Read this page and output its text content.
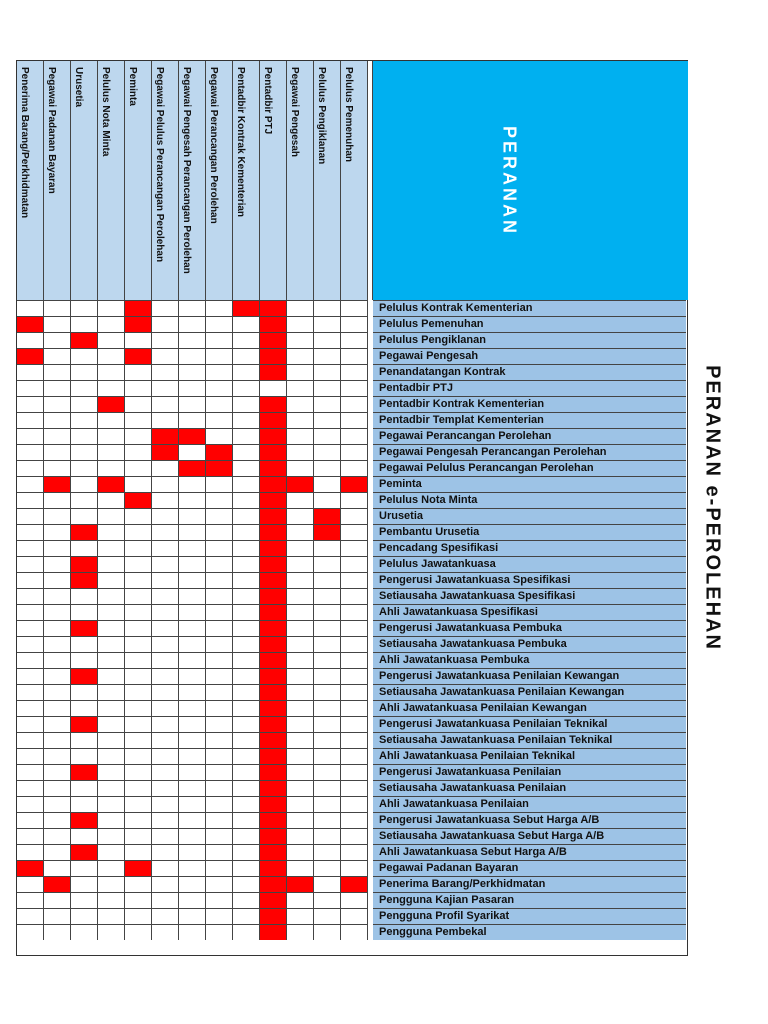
PERANAN e-PEROLEHAN
PERANAN
Penerima Barang/Perkhidmatan Pegawai Padanan Bayaran Urusetia Pelulus Nota Minta Peminta Pegawai Pelulus Perancangan Perolehan Pegawai Pengesah Perancangan Perolehan Pegawai Perancangan Perolehan Pentadbir Kontrak Kementerian Pentadbir PTJ Pegawai Pengesah Pelulus Pengiklanan Pelulus Pemenuhan
Pelulus Kontrak Kementerian
Pelulus Pemenuhan
Pelulus Pengiklanan
Pegawai Pengesah
Penandatangan Kontrak
Pentadbir PTJ
Pentadbir Kontrak Kementerian
Pentadbir Templat Kementerian
Pegawai Perancangan Perolehan
Pegawai Pengesah Perancangan Perolehan
Pegawai Pelulus Perancangan Perolehan
Peminta
Pelulus Nota Minta
Urusetia
Pembantu Urusetia
Pencadang Spesifikasi
Pelulus Jawatankuasa
Pengerusi Jawatankuasa Spesifikasi
Setiausaha Jawatankuasa Spesifikasi
Ahli Jawatankuasa Spesifikasi
Pengerusi Jawatankuasa Pembuka
Setiausaha Jawatankuasa Pembuka
Ahli Jawatankuasa Pembuka
Pengerusi Jawatankuasa Penilaian Kewangan
Setiausaha Jawatankuasa Penilaian Kewangan
Ahli Jawatankuasa Penilaian Kewangan
Pengerusi Jawatankuasa Penilaian Teknikal
Setiausaha Jawatankuasa Penilaian Teknikal
Ahli Jawatankuasa Penilaian Teknikal
Pengerusi Jawatankuasa Penilaian
Setiausaha Jawatankuasa Penilaian
Ahli Jawatankuasa Penilaian
Pengerusi Jawatankuasa Sebut Harga A/B
Setiausaha Jawatankuasa Sebut Harga A/B
Ahli Jawatankuasa Sebut Harga A/B
Pegawai Padanan Bayaran
Penerima Barang/Perkhidmatan
Pengguna Kajian Pasaran
Pengguna Profil Syarikat
Pengguna Pembekal
